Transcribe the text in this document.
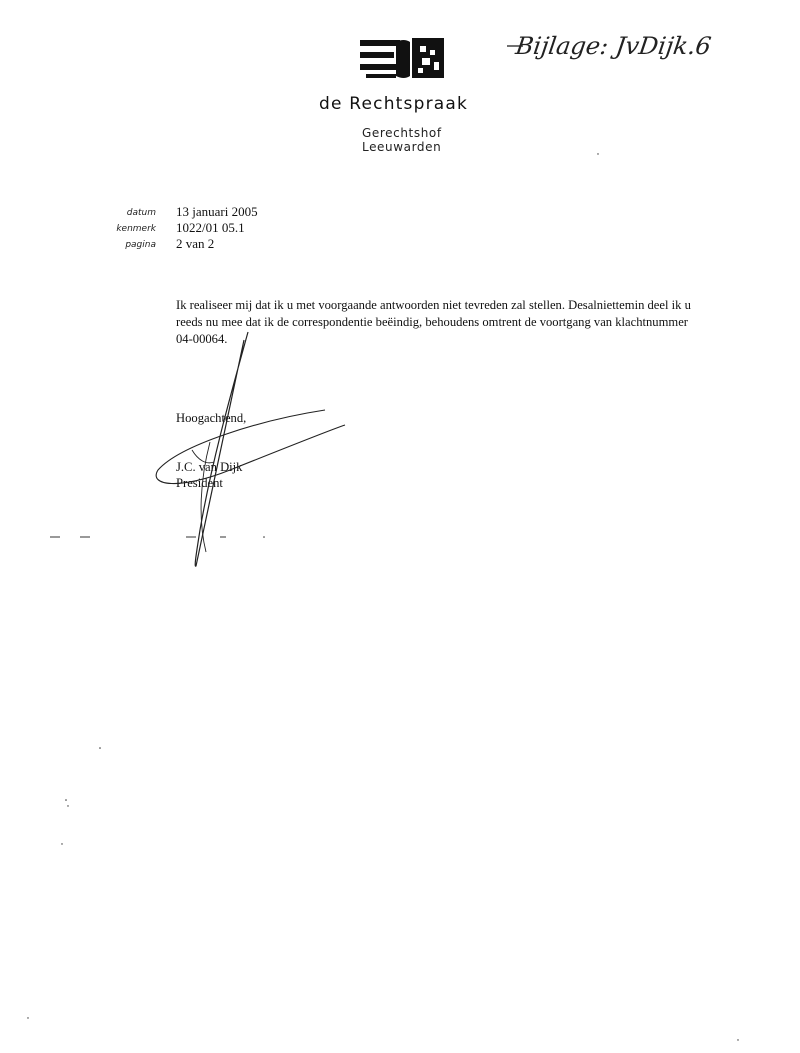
de Rechtspraak
Gerechtshof
Leeuwarden
Bijlage: JvDijk.6
datum 13 januari 2005
kenmerk 1022/01 05.1
pagina 2 van 2

Ik realiseer mij dat ik u met voorgaande antwoorden niet tevreden zal stellen. Desalniettemin deel ik u

reeds nu mee dat ik de correspondentie beëindig, behoudens omtrent de voortgang van klachtnummer

04-00064.

Hoogachtend,
J.C. van Dijk
President
